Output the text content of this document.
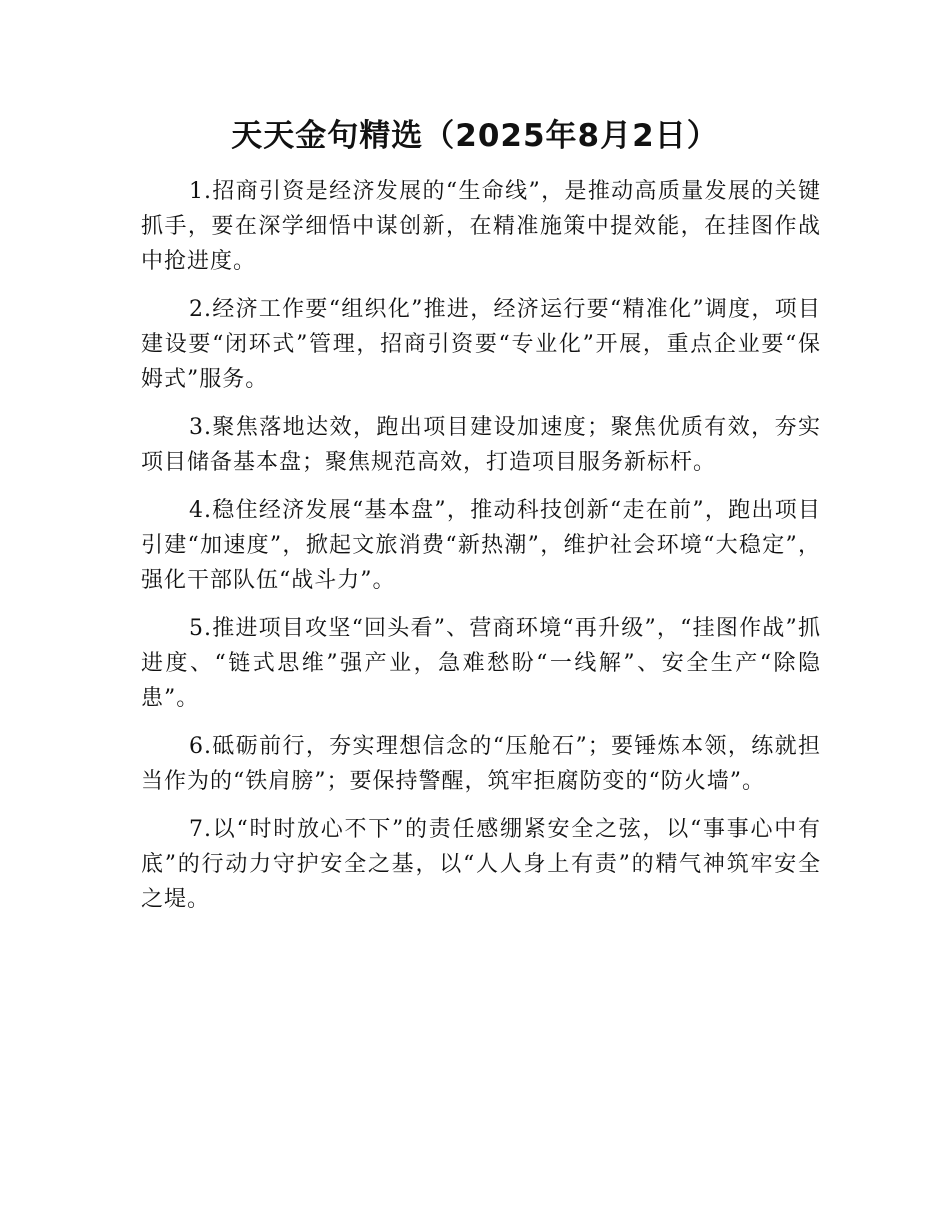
天天金句精选（2025年8月2日）

1.招商引资是经济发展的“生命线”，是推动高质量发展的关键抓手，要在深学细悟中谋创新，在精准施策中提效能，在挂图作战中抢进度。

2.经济工作要“组织化”推进，经济运行要“精准化”调度，项目建设要“闭环式”管理，招商引资要“专业化”开展，重点企业要“保姆式”服务。

3.聚焦落地达效，跑出项目建设加速度；聚焦优质有效，夯实项目储备基本盘；聚焦规范高效，打造项目服务新标杆。

4.稳住经济发展“基本盘”，推动科技创新“走在前”，跑出项目引建“加速度”，掀起文旅消费“新热潮”，维护社会环境“大稳定”，强化干部队伍“战斗力”。

5.推进项目攻坚“回头看”、营商环境“再升级”，“挂图作战”抓进度、“链式思维”强产业，急难愁盼“一线解”、安全生产“除隐患”。

6.砥砺前行，夯实理想信念的“压舱石”；要锤炼本领，练就担当作为的“铁肩膀”；要保持警醒，筑牢拒腐防变的“防火墙”。

7.以“时时放心不下”的责任感绷紧安全之弦，以“事事心中有底”的行动力守护安全之基，以“人人身上有责”的精气神筑牢安全之堤。
